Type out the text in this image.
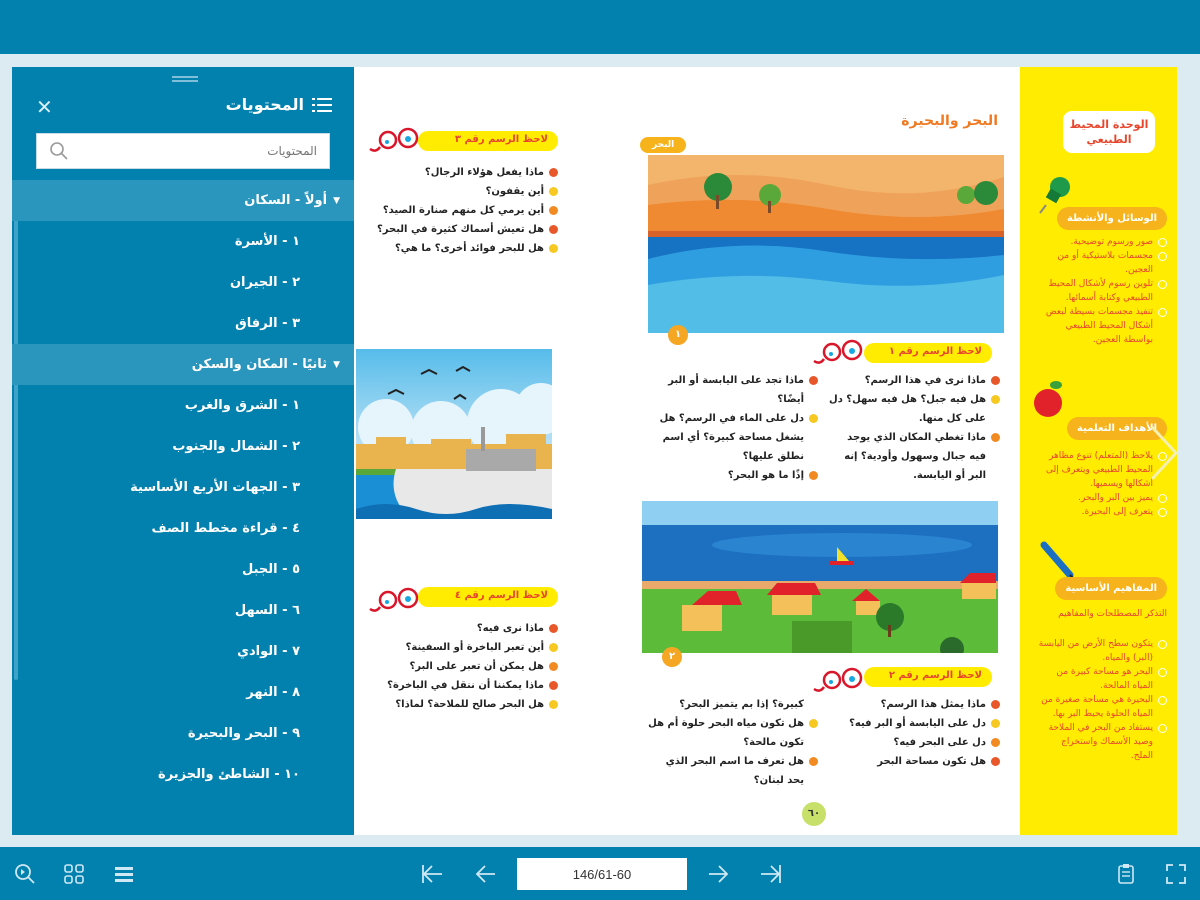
لاحظ الرسم رقم ٣
ماذا يفعل هؤلاء الرجال؟
أين يقفون؟
أين يرمي كل منهم صنارة الصيد؟
هل تعيش أسماك كثيرة في البحر؟
هل للبحر فوائد أخرى؟ ما هي؟
لاحظ الرسم رقم ٤
ماذا نرى فيه؟
أين تعبر الباخرة أو السفينة؟
هل يمكن أن تعبر على البر؟
ماذا يمكننا أن ننقل في الباخرة؟
هل البحر صالح للملاحة؟ لماذا؟
البحر والبحيرة
البحر
١
لاحظ الرسم رقم ١
ماذا نرى في هذا الرسم؟
هل فيه جبل؟ هل فيه سهل؟ دل على كل منها.
ماذا تغطي المكان الذي يوجد فيه جبال وسهول وأودية؟ إنه البر أو اليابسة.
ماذا تجد على اليابسة أو البر أيضًا؟
دل على الماء في الرسم؟ هل يشغل مساحة كبيرة؟ أي اسم نطلق عليها؟
إذًا ما هو البحر؟
٢
لاحظ الرسم رقم ٢
ماذا يمثل هذا الرسم؟
دل على اليابسة أو البر فيه؟
دل على البحر فيه؟
هل تكون مساحة البحر
كبيرة؟ إذا بم يتميز البحر؟
هل تكون مياه البحر حلوة أم هل تكون مالحة؟
هل تعرف ما اسم البحر الذي يحد لبنان؟
٦٠
الوحدة المحيط الطبيعي
الوسائل والأنشطة
صور ورسوم توضيحية.
مجسمات بلاستيكية أو من العجين.
تلوين رسوم لأشكال المحيط الطبيعي وكتابة أسمائها.
تنفيذ مجسمات بسيطة لبعض أشكال المحيط الطبيعي بواسطة العجين.
الأهداف التعلمية
يلاحظ (المتعلم) تنوع مظاهر المحيط الطبيعي ويتعرف إلى أشكالها ويسميها.
يميز بين البر والبحر.
يتعرف إلى البحيرة.
المفاهيم الأساسية
التذكر المصطلحات والمفاهيم
يتكون سطح الأرض من اليابسة (البر) والمياه.
البحر هو مساحة كبيرة من المياه المالحة.
البحيرة هي مساحة صغيرة من المياه الحلوة يحيط البر بها.
يستفاد من البحر في الملاحة وصيد الأسماك واستخراج الملح.
المحتويات
✕
المحتويات
▼
أولاً - السكان
١ - الأسرة
٢ - الجيران
٣ - الرفاق
▼
ثانيًا - المكان والسكن
١ - الشرق والغرب
٢ - الشمال والجنوب
٣ - الجهات الأربع الأساسية
٤ - قراءة مخطط الصف
٥ - الجبل
٦ - السهل
٧ - الوادي
٨ - النهر
٩ - البحر والبحيرة
١٠ - الشاطئ والجزيرة
146/61-60
